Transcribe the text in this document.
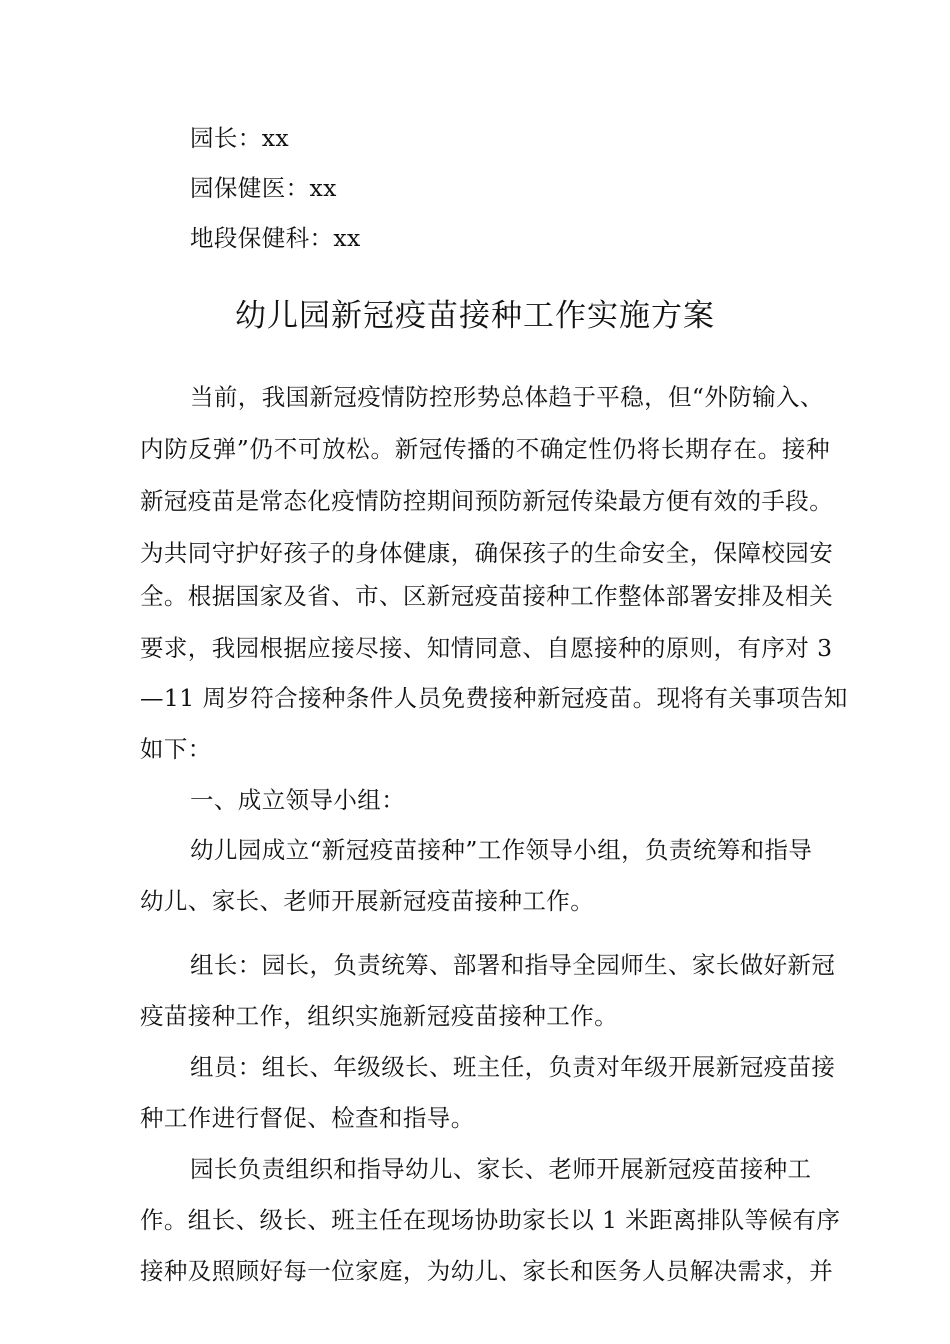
园长：xx
园保健医：xx
地段保健科：xx
幼儿园新冠疫苗接种工作实施方案
当前，我国新冠疫情防控形势总体趋于平稳，但“外防输入、
内防反弹”仍不可放松。新冠传播的不确定性仍将长期存在。接种
新冠疫苗是常态化疫情防控期间预防新冠传染最方便有效的手段。
为共同守护好孩子的身体健康，确保孩子的生命安全，保障校园安
全。根据国家及省、市、区新冠疫苗接种工作整体部署安排及相关
要求，我园根据应接尽接、知情同意、自愿接种的原则，有序对 3
—11 周岁符合接种条件人员免费接种新冠疫苗。现将有关事项告知
如下：
一、成立领导小组：
幼儿园成立“新冠疫苗接种”工作领导小组，负责统筹和指导
幼儿、家长、老师开展新冠疫苗接种工作。
组长：园长，负责统筹、部署和指导全园师生、家长做好新冠
疫苗接种工作，组织实施新冠疫苗接种工作。
组员：组长、年级级长、班主任，负责对年级开展新冠疫苗接
种工作进行督促、检查和指导。
园长负责组织和指导幼儿、家长、老师开展新冠疫苗接种工
作。组长、级长、班主任在现场协助家长以 1 米距离排队等候有序
接种及照顾好每一位家庭，为幼儿、家长和医务人员解决需求，并
